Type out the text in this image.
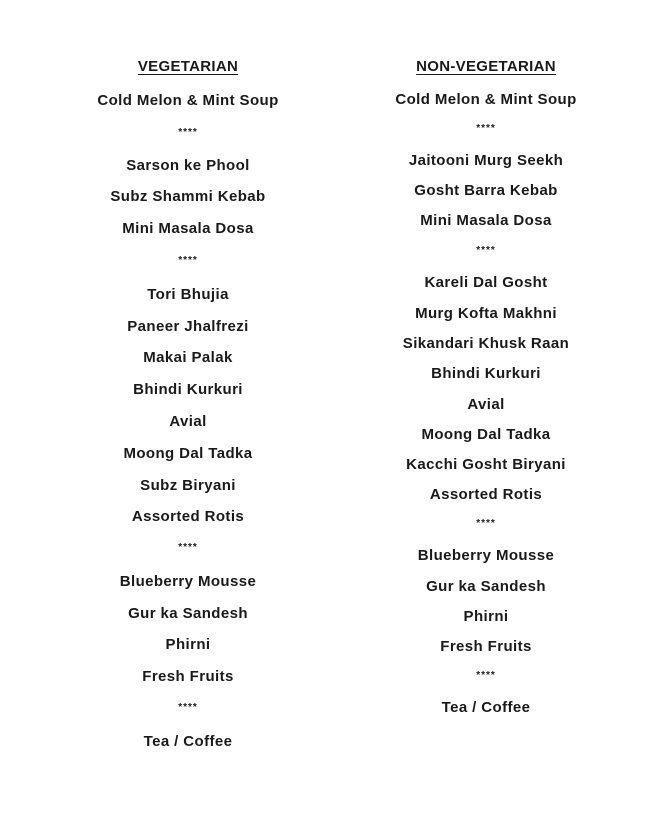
VEGETARIAN
Cold Melon & Mint Soup
****
Sarson ke Phool
Subz Shammi Kebab
Mini Masala Dosa
****
Tori Bhujia
Paneer Jhalfrezi
Makai Palak
Bhindi Kurkuri
Avial
Moong Dal Tadka
Subz Biryani
Assorted Rotis
****
Blueberry Mousse
Gur ka Sandesh
Phirni
Fresh Fruits
****
Tea / Coffee
NON-VEGETARIAN
Cold Melon & Mint Soup
****
Jaitooni Murg Seekh
Gosht Barra Kebab
Mini Masala Dosa
****
Kareli Dal Gosht
Murg Kofta Makhni
Sikandari Khusk Raan
Bhindi Kurkuri
Avial
Moong Dal Tadka
Kacchi Gosht Biryani
Assorted Rotis
****
Blueberry Mousse
Gur ka Sandesh
Phirni
Fresh Fruits
****
Tea / Coffee
